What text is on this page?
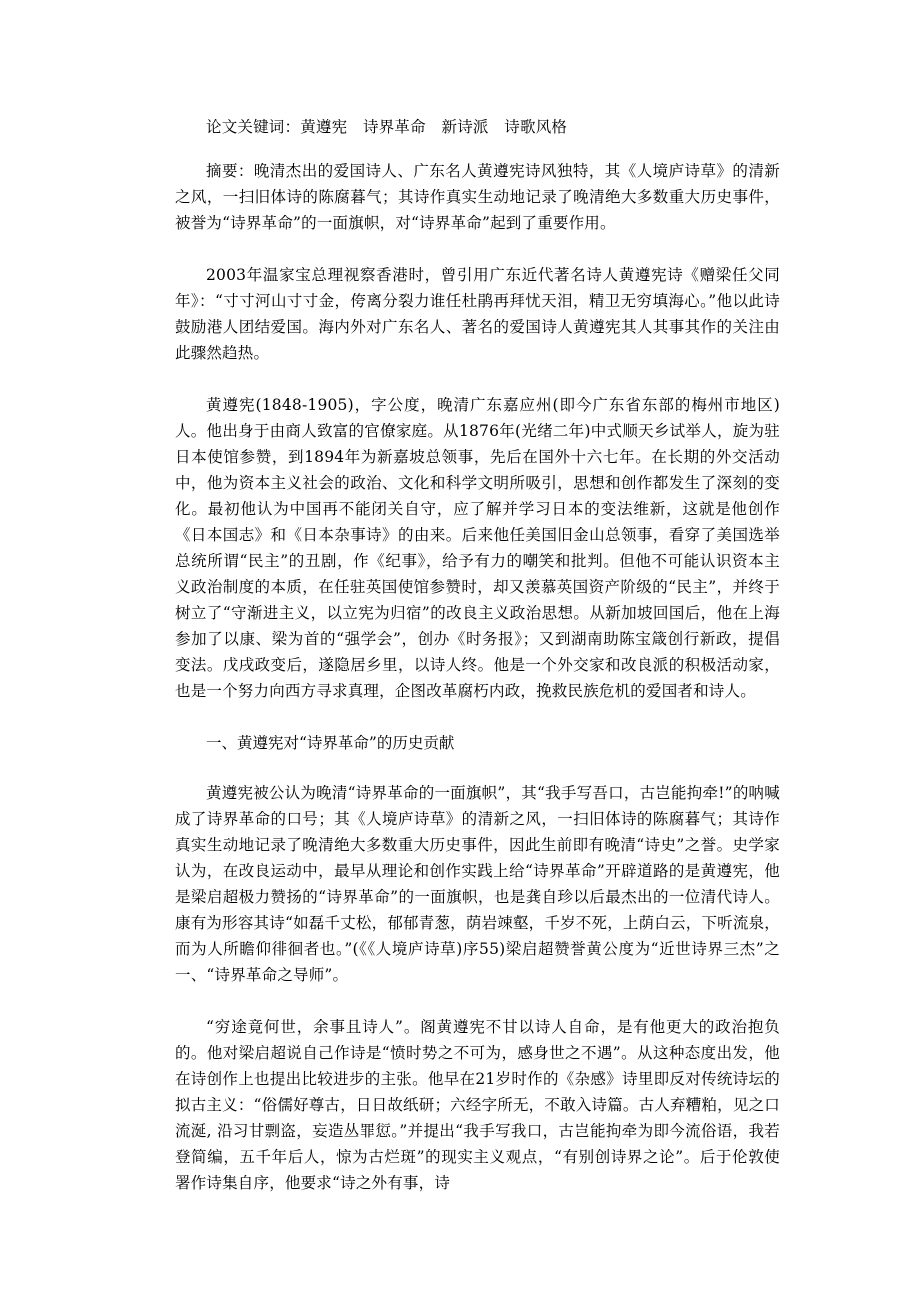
论文关键词：黄遵宪　诗界革命　新诗派　诗歌风格

摘要：晚清杰出的爱国诗人、广东名人黄遵宪诗风独特，其《人境庐诗草》的清新之风，一扫旧体诗的陈腐暮气；其诗作真实生动地记录了晚清绝大多数重大历史事件，被誉为“诗界革命”的一面旗帜，对“诗界革命”起到了重要作用。

2003年温家宝总理视察香港时，曾引用广东近代著名诗人黄遵宪诗《赠梁任父同年》：“寸寸河山寸寸金，侉离分裂力谁任杜鹃再拜忧天泪，精卫无穷填海心。”他以此诗鼓励港人团结爱国。海内外对广东名人、著名的爱国诗人黄遵宪其人其事其作的关注由此骤然趋热。

黄遵宪(1848-1905)，字公度，晚清广东嘉应州(即今广东省东部的梅州市地区)人。他出身于由商人致富的官僚家庭。从1876年(光绪二年)中式顺天乡试举人，旋为驻日本使馆参赞，到1894年为新嘉坡总领事，先后在国外十六七年。在长期的外交活动中，他为资本主义社会的政治、文化和科学文明所吸引，思想和创作都发生了深刻的变化。最初他认为中国再不能闭关自守，应了解并学习日本的变法维新，这就是他创作《日本国志》和《日本杂事诗》的由来。后来他任美国旧金山总领事，看穿了美国选举总统所谓“民主”的丑剧，作《纪事》，给予有力的嘲笑和批判。但他不可能认识资本主义政治制度的本质，在任驻英国使馆参赞时，却又羡慕英国资产阶级的“民主”，并终于树立了“守渐进主义，以立宪为归宿”的改良主义政治思想。从新加坡回国后，他在上海参加了以康、梁为首的“强学会”，创办《时务报》；又到湖南助陈宝箴创行新政，提倡变法。戊戌政变后，遂隐居乡里，以诗人终。他是一个外交家和改良派的积极活动家，也是一个努力向西方寻求真理，企图改革腐朽内政，挽救民族危机的爱国者和诗人。

一、黄遵宪对“诗界革命”的历史贡献

黄遵宪被公认为晚清“诗界革命的一面旗帜”，其“我手写吾口，古岂能拘牵!”的呐喊成了诗界革命的口号；其《人境庐诗草》的清新之风，一扫旧体诗的陈腐暮气；其诗作真实生动地记录了晚清绝大多数重大历史事件，因此生前即有晚清“诗史”之誉。史学家认为，在改良运动中，最早从理论和创作实践上给“诗界革命”开辟道路的是黄遵宪，他是梁启超极力赞扬的“诗界革命”的一面旗帜，也是龚自珍以后最杰出的一位清代诗人。康有为形容其诗“如磊千丈松，郁郁青葱，荫岩竦壑，千岁不死，上荫白云，下听流泉，而为人所瞻仰徘徊者也。”(《《人境庐诗草)序55)梁启超赞誉黄公度为“近世诗界三杰”之一、“诗界革命之导师”。

“穷途竟何世，余事且诗人”。阁黄遵宪不甘以诗人自命，是有他更大的政治抱负的。他对梁启超说自己作诗是“愤时势之不可为，感身世之不遇”。从这种态度出发，他在诗创作上也提出比较进步的主张。他早在21岁时作的《杂感》诗里即反对传统诗坛的拟古主义：“俗儒好尊古，日日故纸研；六经字所无，不敢入诗篇。古人弃糟粕，见之口流涎, 沿习甘剽盗，妄造丛罪愆。”并提出“我手写我口，古岂能拘牵为即今流俗语，我若登简编，五千年后人，惊为古烂斑”的现实主义观点，“有别创诗界之论”。后于伦敦使署作诗集自序，他要求“诗之外有事，诗
